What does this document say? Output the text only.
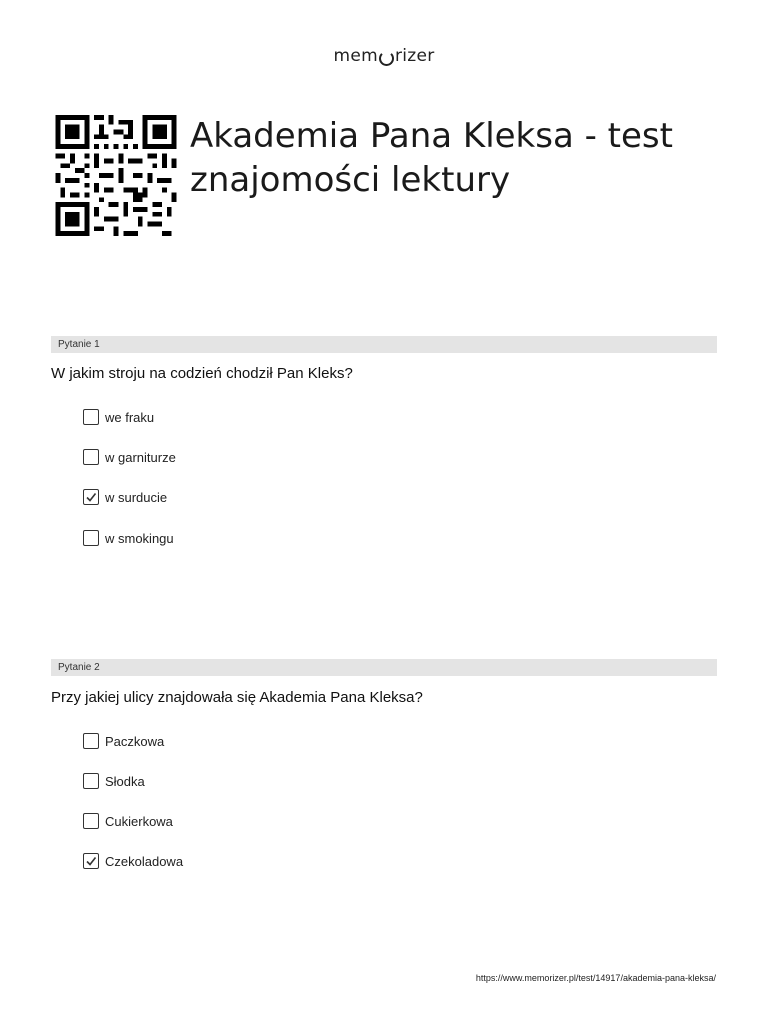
mem rizer
Akademia Pana Kleksa - test
znajomości lektury
Pytanie 1
W jakim stroju na codzień chodził Pan Kleks?
we fraku
w garniturze
w surducie
w smokingu
Pytanie 2
Przy jakiej ulicy znajdowała się Akademia Pana Kleksa?
Paczkowa
Słodka
Cukierkowa
Czekoladowa
https://www.memorizer.pl/test/14917/akademia-pana-kleksa/
